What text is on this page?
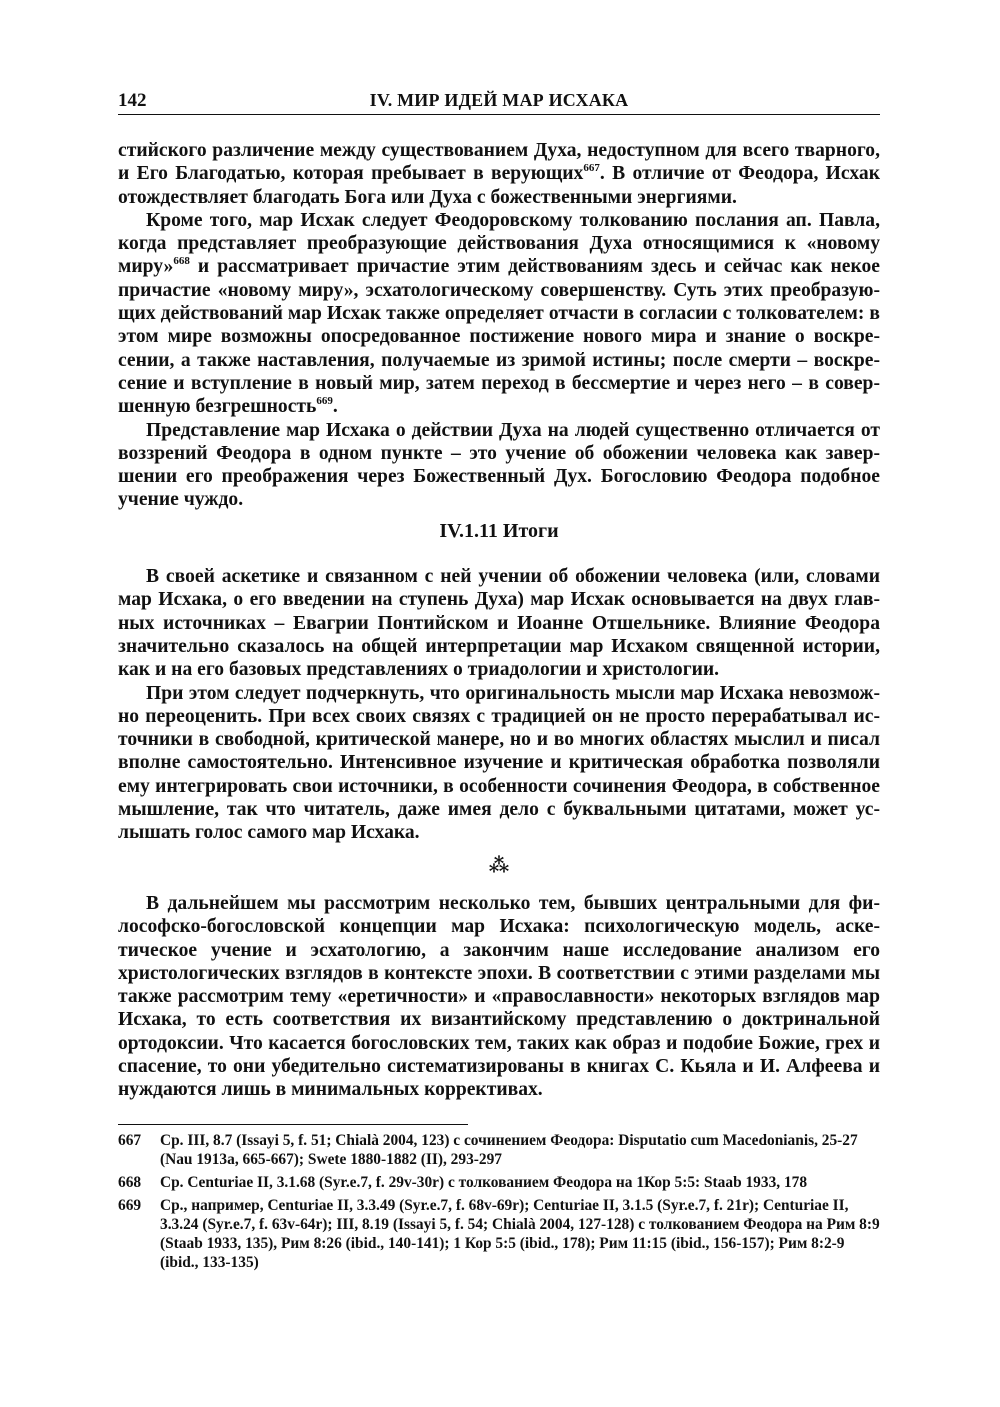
142	IV. МИР ИДЕЙ МАР ИСХАКА

стийского различение между существованием Духа, недоступном для всего тварного, и Его Благодатью, которая пребывает в верующих$^{667}$. В отличие от Феодора, Исхак отождествляет благодать Бога или Духа с божественными энергиями.

Кроме того, мар Исхак следует Феодоровскому толкованию послания ап. Павла, когда представляет преобразующие действования Духа относящимися к «новому миру»$^{668}$ и рассматривает причастие этим действованиям здесь и сейчас как некое причастие «новому миру», эсхатологическому совершенству. Суть этих преобразующих действований мар Исхак также определяет отчасти в согласии с толкователем: в этом мире возможны опосредованное постижение нового мира и знание о воскресении, а также наставления, получаемые из зримой истины; после смерти – воскресение и вступление в новый мир, затем переход в бессмертие и через него – в совершенную безгрешность$^{669}$.

Представление мар Исхака о действии Духа на людей существенно отличается от воззрений Феодора в одном пункте – это учение об обожении человека как завершении его преображения через Божественный Дух. Богословию Феодора подобное учение чуждо.

IV.1.11 Итоги

В своей аскетике и связанном с ней учении об обожении человека (или, словами мар Исхака, о его введении на ступень Духа) мар Исхак основывается на двух главных источниках – Евагрии Понтийском и Иоанне Отшельнике. Влияние Феодора значительно сказалось на общей интерпретации мар Исхаком священной истории, как и на его базовых представлениях о триадологии и христологии.

При этом следует подчеркнуть, что оригинальность мысли мар Исхака невозможно переоценить. При всех своих связях с традицией он не просто перерабатывал источники в свободной, критической манере, но и во многих областях мыслил и писал вполне самостоятельно. Интенсивное изучение и критическая обработка позволяли ему интегрировать свои источники, в особенности сочинения Феодора, в собственное мышление, так что читатель, даже имея дело с буквальными цитатами, может услышать голос самого мар Исхака.

⁂

В дальнейшем мы рассмотрим несколько тем, бывших центральными для философско-богословской концепции мар Исхака: психологическую модель, аскетическое учение и эсхатологию, а закончим наше исследование анализом его христологических взглядов в контексте эпохи. В соответствии с этими разделами мы также рассмотрим тему «еретичности» и «православности» некоторых взглядов мар Исхака, то есть соответствия их византийскому представлению о доктринальной ортодоксии. Что касается богословских тем, таких как образ и подобие Божие, грех и спасение, то они убедительно систематизированы в книгах С. Кьяла и И. Алфеева и нуждаются лишь в минимальных коррективах.

667 Ср. III, 8.7 (Issayi 5, f. 51; Chialà 2004, 123) с сочинением Феодора: Disputatio cum Macedonianis, 25-27 (Nau 1913a, 665-667); Swete 1880-1882 (II), 293-297
668 Ср. Centuriae II, 3.1.68 (Syr.e.7, f. 29v-30r) с толкованием Феодора на 1Кор 5:5: Staab 1933, 178
669 Ср., например, Centuriae II, 3.3.49 (Syr.e.7, f. 68v-69r); Centuriae II, 3.1.5 (Syr.e.7, f. 21r); Centuriae II, 3.3.24 (Syr.e.7, f. 63v-64r); III, 8.19 (Issayi 5, f. 54; Chialà 2004, 127-128) с толкованием Феодора на Рим 8:9 (Staab 1933, 135), Рим 8:26 (ibid., 140-141); 1 Кор 5:5 (ibid., 178); Рим 11:15 (ibid., 156-157); Рим 8:2-9 (ibid., 133-135)
